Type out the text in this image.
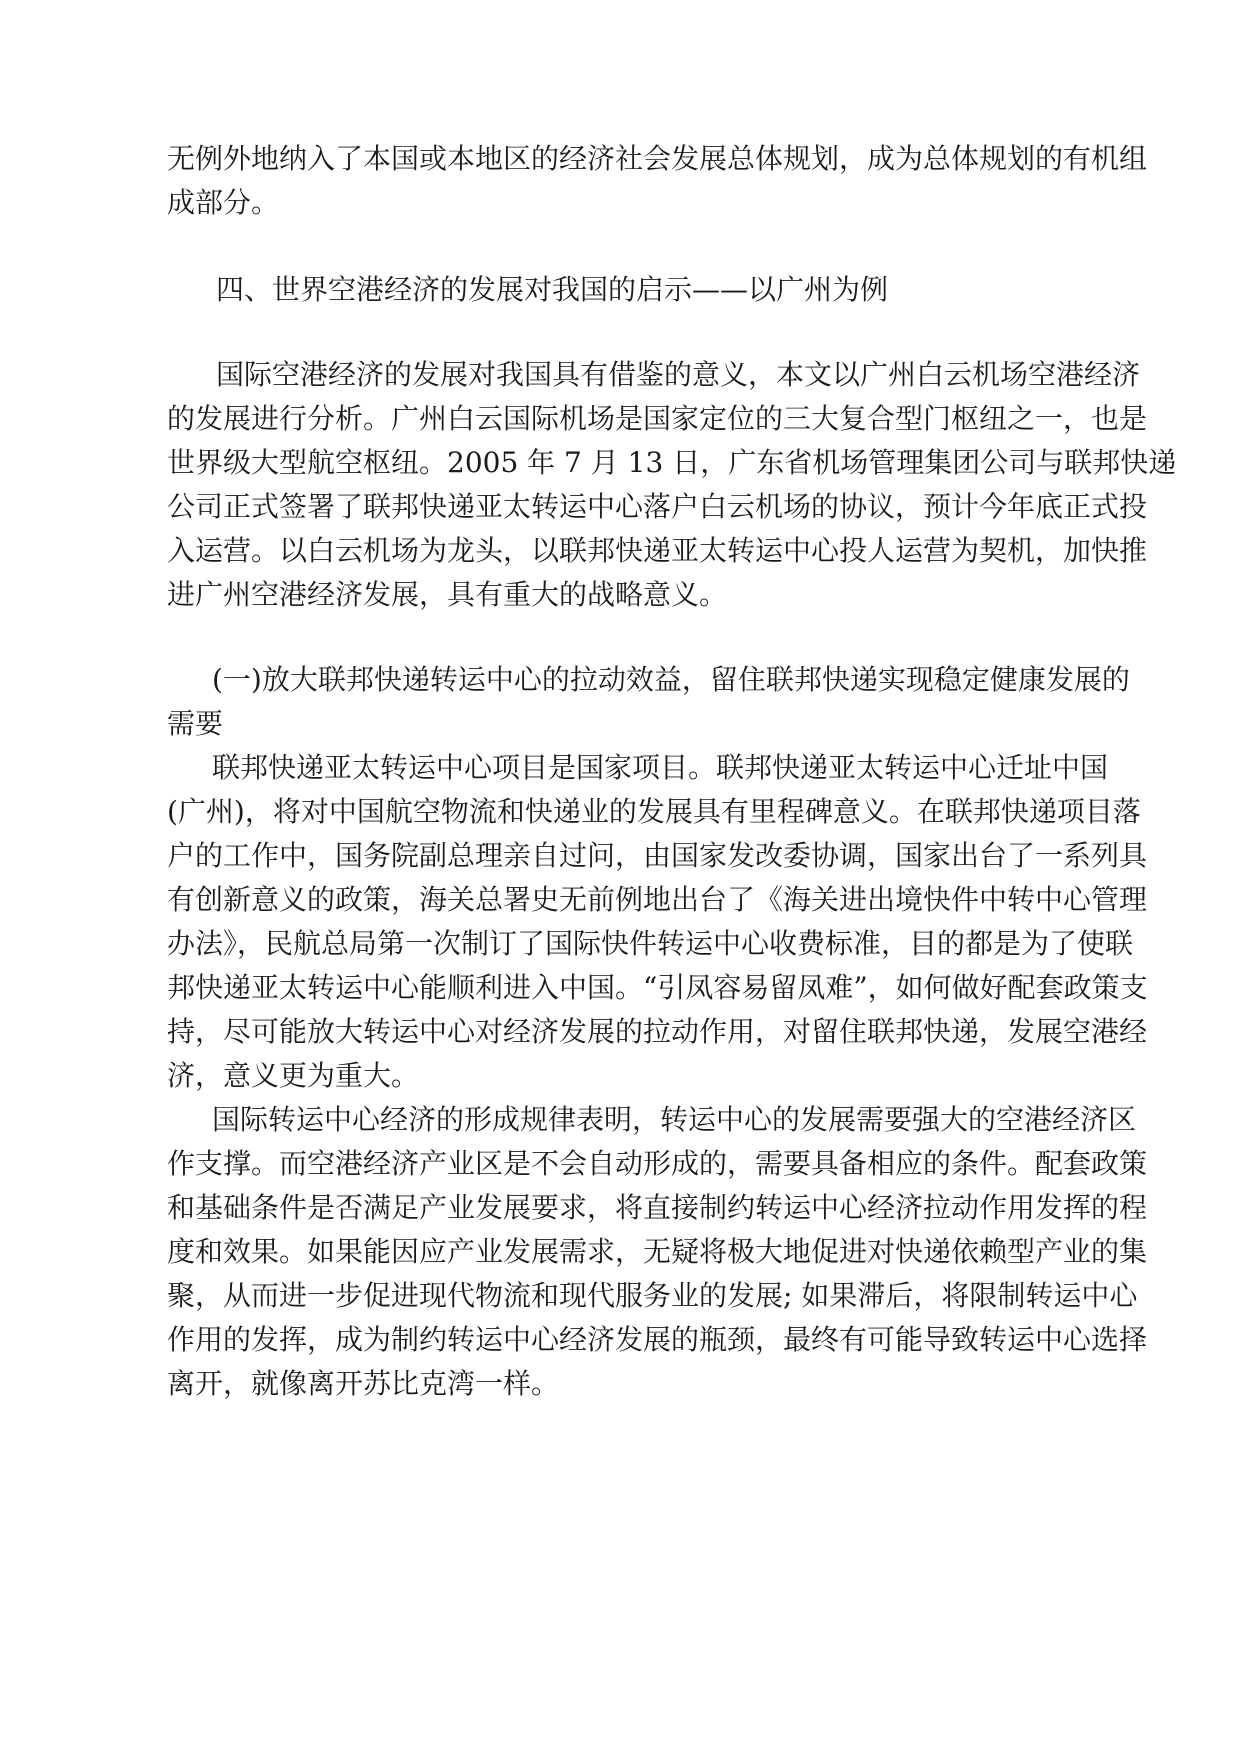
无例外地纳入了本国或本地区的经济社会发展总体规划，成为总体规划的有机组
成部分。
四、世界空港经济的发展对我国的启示——以广州为例
国际空港经济的发展对我国具有借鉴的意义，本文以广州白云机场空港经济
的发展进行分析。广州白云国际机场是国家定位的三大复合型门枢纽之一，也是
世界级大型航空枢纽。2005 年 7 月 13 日，广东省机场管理集团公司与联邦快递
公司正式签署了联邦快递亚太转运中心落户白云机场的协议，预计今年底正式投
入运营。以白云机场为龙头，以联邦快递亚太转运中心投人运营为契机，加快推
进广州空港经济发展，具有重大的战略意义。
(一)放大联邦快递转运中心的拉动效益，留住联邦快递实现稳定健康发展的
需要
联邦快递亚太转运中心项目是国家项目。联邦快递亚太转运中心迁址中国
(广州)，将对中国航空物流和快递业的发展具有里程碑意义。在联邦快递项目落
户的工作中，国务院副总理亲自过问，由国家发改委协调，国家出台了一系列具
有创新意义的政策，海关总署史无前例地出台了《海关进出境快件中转中心管理
办法》，民航总局第一次制订了国际快件转运中心收费标准，目的都是为了使联
邦快递亚太转运中心能顺利进入中国。“引凤容易留凤难”，如何做好配套政策支
持，尽可能放大转运中心对经济发展的拉动作用，对留住联邦快递，发展空港经
济，意义更为重大。
国际转运中心经济的形成规律表明，转运中心的发展需要强大的空港经济区
作支撑。而空港经济产业区是不会自动形成的，需要具备相应的条件。配套政策
和基础条件是否满足产业发展要求，将直接制约转运中心经济拉动作用发挥的程
度和效果。如果能因应产业发展需求，无疑将极大地促进对快递依赖型产业的集
聚，从而进一步促进现代物流和现代服务业的发展; 如果滞后，将限制转运中心
作用的发挥，成为制约转运中心经济发展的瓶颈，最终有可能导致转运中心选择
离开，就像离开苏比克湾一样。
